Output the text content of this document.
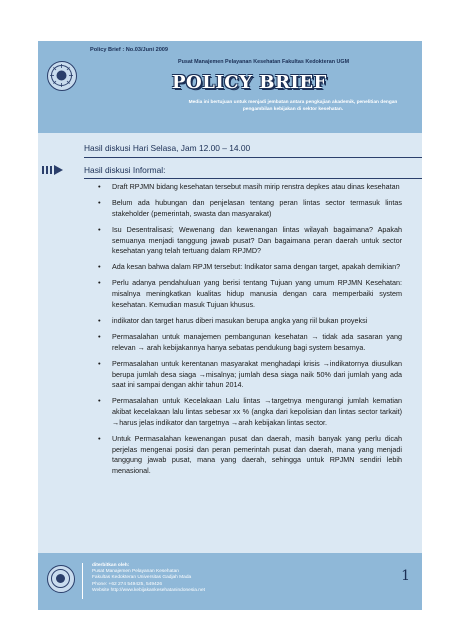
Policy Brief : No.03/Juni 2009
Pusat Manajemen Pelayanan Kesehatan Fakultas Kedokteran UGM
POLICY BRIEF
Media ini bertujuan untuk menjadi jembatan antara pengkajian akademik, penelitian dengan pengambilan kebijakan di sektor kesehatan.
Hasil diskusi Hari Selasa, Jam 12.00 – 14.00
Hasil diskusi Informal:
• Draft RPJMN bidang kesehatan tersebut masih mirip renstra depkes atau dinas kesehatan
• Belum ada hubungan dan penjelasan tentang peran lintas sector termasuk lintas stakeholder (pemerintah, swasta dan masyarakat)
• Isu Desentralisasi; Wewenang dan kewenangan lintas wilayah bagaimana? Apakah semuanya menjadi tanggung jawab pusat? Dan bagaimana peran daerah untuk sector kesehatan yang telah tertuang dalam RPJMD?
• Ada kesan bahwa dalam RPJM tersebut: Indikator sama dengan target, apakah demikian?
• Perlu adanya pendahuluan yang berisi tentang Tujuan yang umum RPJMN Kesehatan: misalnya meningkatkan kualitas hidup manusia dengan cara memperbaiki system kesehatan. Kemudian masuk Tujuan khusus.
• indikator dan target harus diberi masukan berupa angka yang riil bukan proyeksi
• Permasalahan untuk manajemen pembangunan kesehatan → tidak ada sasaran yang relevan → arah kebijakannya hanya sebatas pendukung bagi system besarnya.
• Permasalahan untuk kerentanan masyarakat menghadapi krisis →indikatornya diusulkan berupa jumlah desa siaga →misalnya; jumlah desa siaga naik 50% dari jumlah yang ada saat ini sampai dengan akhir tahun 2014.
• Permasalahan untuk Kecelakaan Lalu lintas →targetnya mengurangi jumlah kematian akibat kecelakaan lalu lintas sebesar xx % (angka dari kepolisian dan lintas sector tarkait) →harus jelas indikator dan targetnya →arah kebijakan lintas sector.
• Untuk Permasalahan kewenangan pusat dan daerah, masih banyak yang perlu dicah perjelas mengenai posisi dan peran pemerintah pusat dan daerah, mana yang menjadi tanggung jawab pusat, mana yang daerah, sehingga untuk RPJMN sendiri lebih menasional.
diterbitkan oleh:
Pusat Manajemen Pelayanan Kesehatan
Fakultas Kedokteran Universitas Gadjah Mada
Phone: +62 274 549425, 549426
Website http://www.kebijakankesehatanindonesia.net
1
